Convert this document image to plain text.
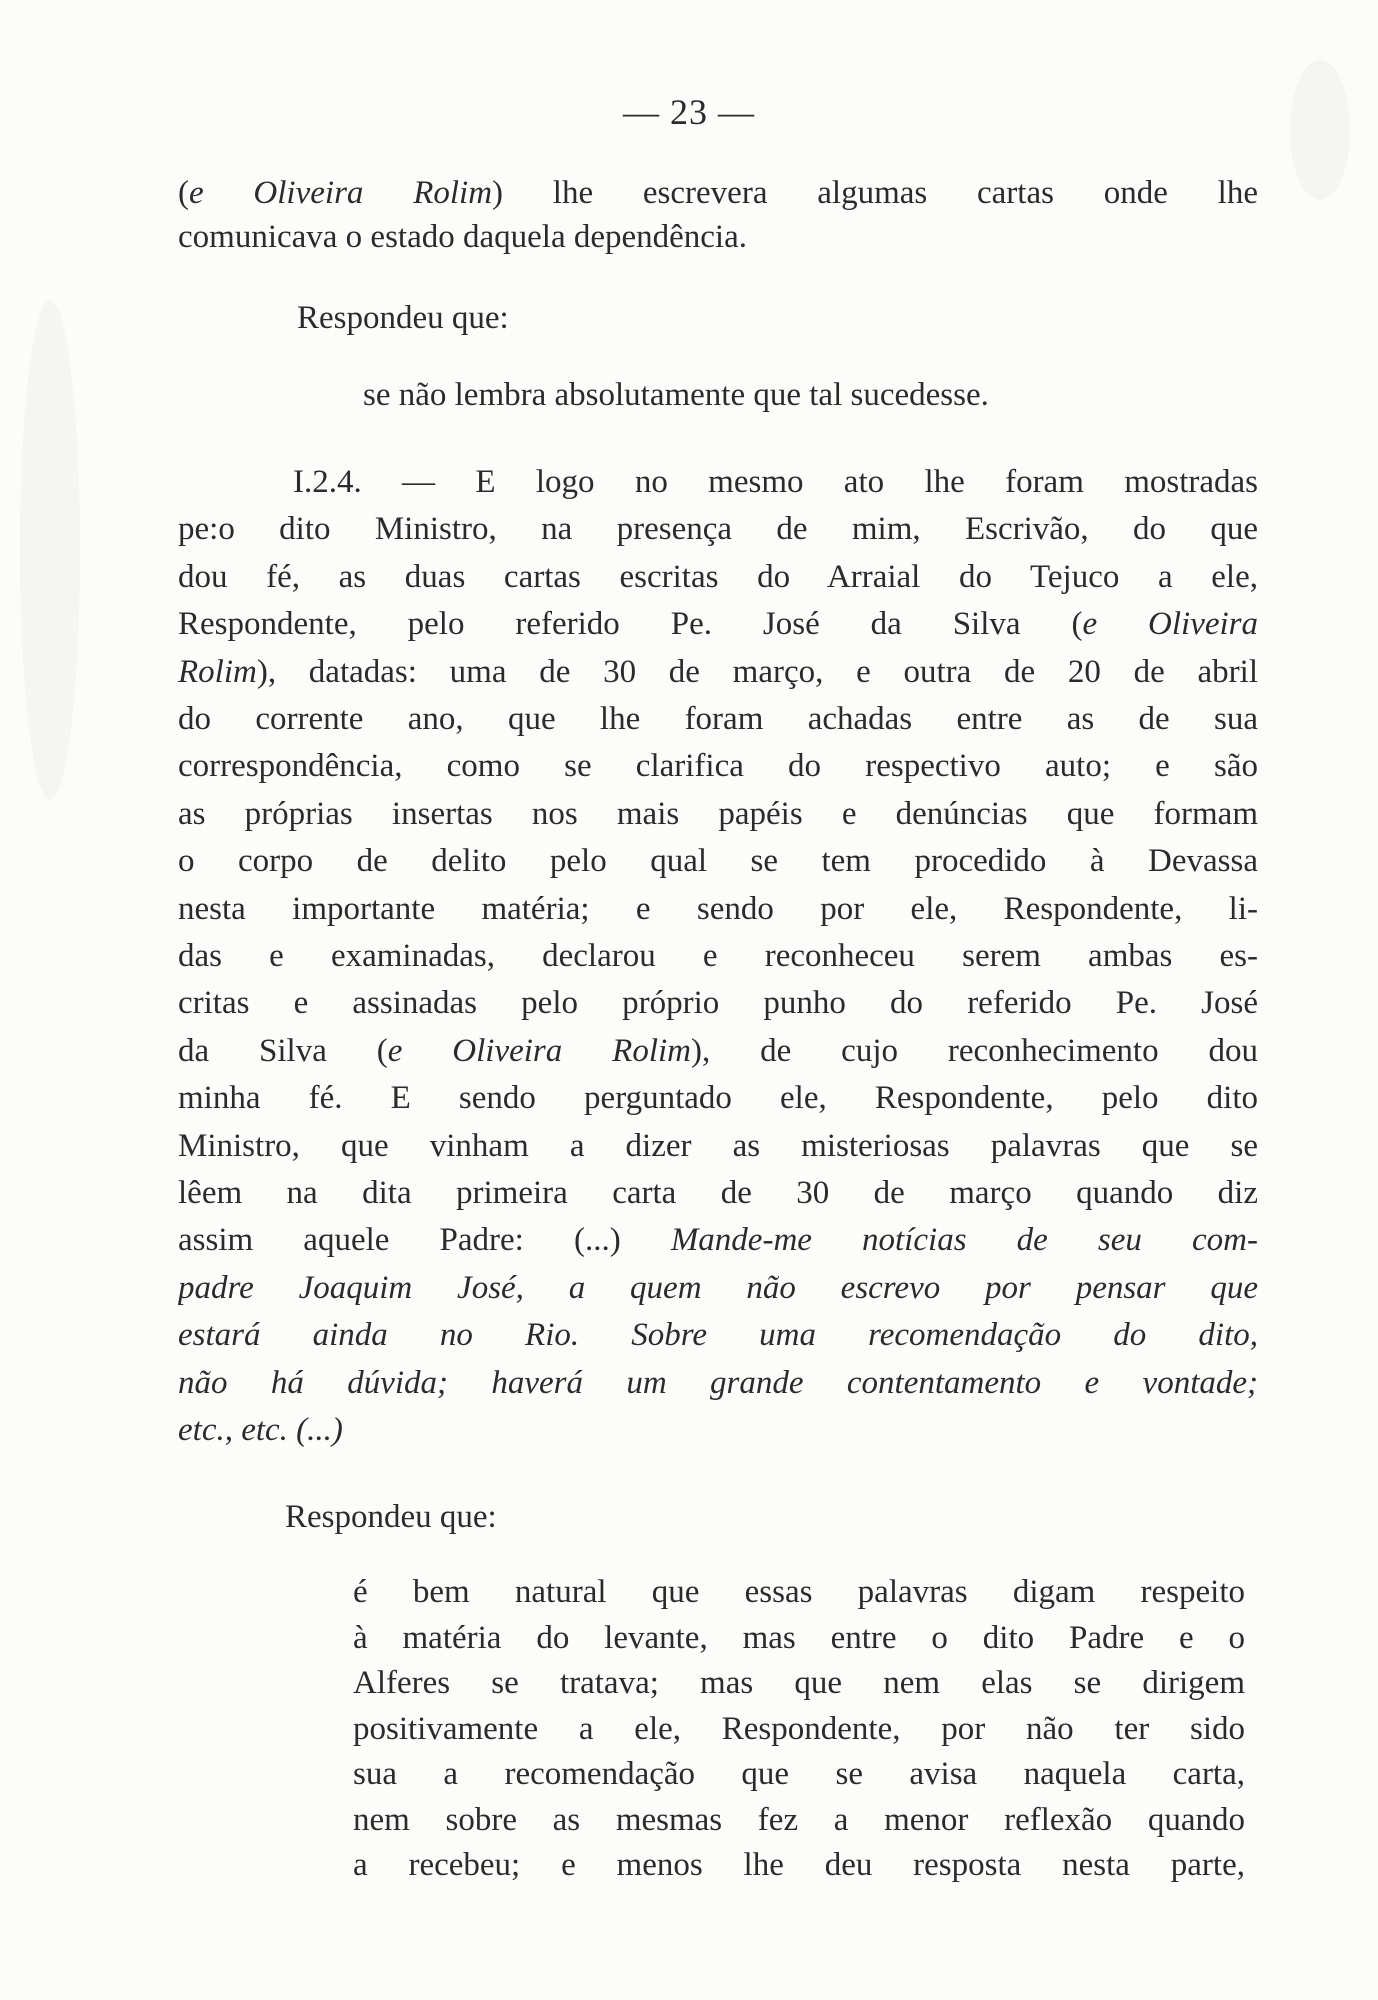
— 23 —
(e Oliveira Rolim) lhe escrevera algumas cartas onde lhe
comunicava o estado daquela dependência.
Respondeu que:
se não lembra absolutamente que tal sucedesse.
I.2.4. — E logo no mesmo ato lhe foram mostradas
pe:o dito Ministro, na presença de mim, Escrivão, do que
dou fé, as duas cartas escritas do Arraial do Tejuco a ele,
Respondente, pelo referido Pe. José da Silva (e Oliveira
Rolim), datadas: uma de 30 de março, e outra de 20 de abril
do corrente ano, que lhe foram achadas entre as de sua
correspondência, como se clarifica do respectivo auto; e são
as próprias insertas nos mais papéis e denúncias que formam
o corpo de delito pelo qual se tem procedido à Devassa
nesta importante matéria; e sendo por ele, Respondente, li-
das e examinadas, declarou e reconheceu serem ambas es-
critas e assinadas pelo próprio punho do referido Pe. José
da Silva (e Oliveira Rolim), de cujo reconhecimento dou
minha fé. E sendo perguntado ele, Respondente, pelo dito
Ministro, que vinham a dizer as misteriosas palavras que se
lêem na dita primeira carta de 30 de março quando diz
assim aquele Padre: (...) Mande-me notícias de seu com-
padre Joaquim José, a quem não escrevo por pensar que
estará ainda no Rio. Sobre uma recomendação do dito,
não há dúvida; haverá um grande contentamento e vontade;
etc., etc. (...)
Respondeu que:
é bem natural que essas palavras digam respeito
à matéria do levante, mas entre o dito Padre e o
Alferes se tratava; mas que nem elas se dirigem
positivamente a ele, Respondente, por não ter sido
sua a recomendação que se avisa naquela carta,
nem sobre as mesmas fez a menor reflexão quando
a recebeu; e menos lhe deu resposta nesta parte,
